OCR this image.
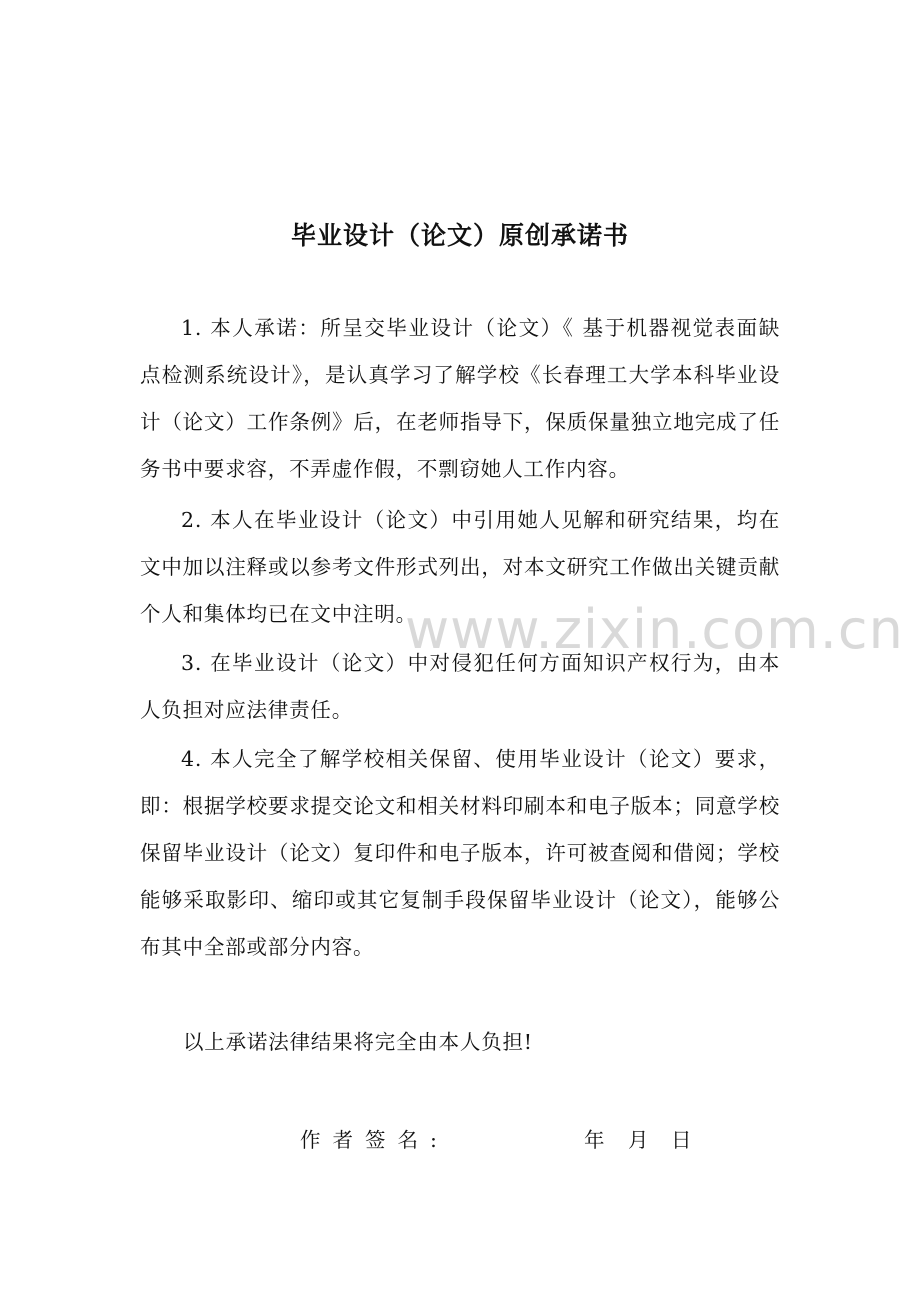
毕业设计（论文）原创承诺书
1. 本人承诺：所呈交毕业设计（论文）《 基于机器视觉表面缺点检测系统设计》，是认真学习了解学校《长春理工大学本科毕业设计（论文）工作条例》后，在老师指导下，保质保量独立地完成了任务书中要求容，不弄虚作假，不剽窃她人工作内容。
2. 本人在毕业设计（论文）中引用她人见解和研究结果，均在文中加以注释或以参考文件形式列出，对本文研究工作做出关键贡献个人和集体均已在文中注明。
3. 在毕业设计（论文）中对侵犯任何方面知识产权行为，由本人负担对应法律责任。
4. 本人完全了解学校相关保留、使用毕业设计（论文）要求，即：根据学校要求提交论文和相关材料印刷本和电子版本；同意学校保留毕业设计（论文）复印件和电子版本，许可被查阅和借阅；学校能够采取影印、缩印或其它复制手段保留毕业设计（论文），能够公布其中全部或部分内容。
以上承诺法律结果将完全由本人负担!
作者签名:	年 月 日
www.zixin.com.cn
